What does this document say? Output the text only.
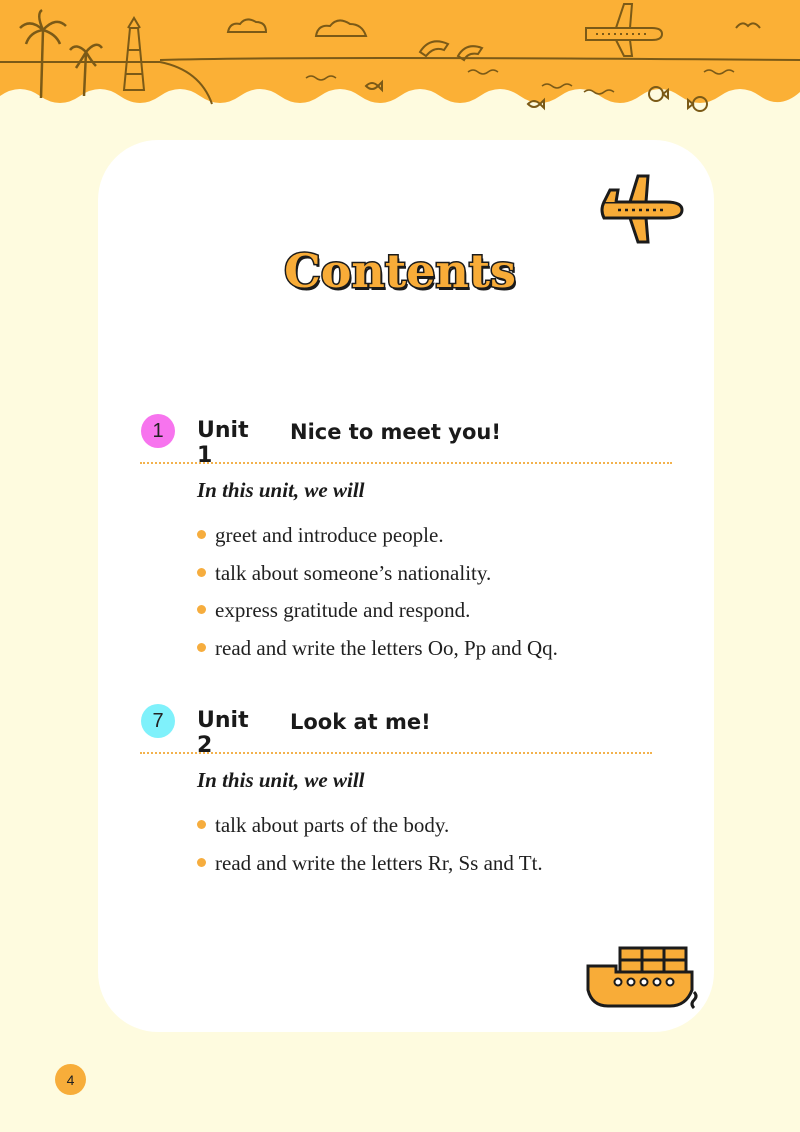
Contents
1	Unit 1
Nice to meet you!
In this unit, we will
greet and introduce people.
talk about someone’s nationality.
express gratitude and respond.
read and write the letters Oo, Pp and Qq.
7	Unit 2
Look at me!
In this unit, we will
talk about parts of the body.
read and write the letters Rr, Ss and Tt.
4
